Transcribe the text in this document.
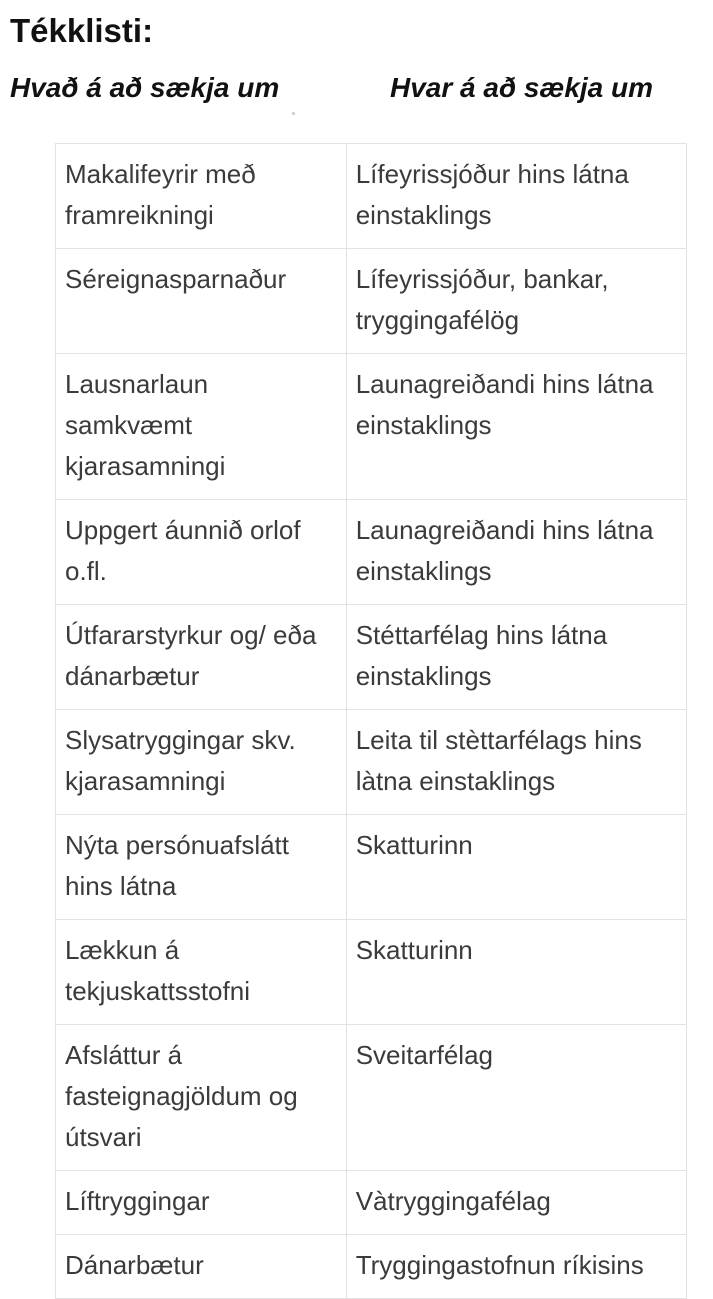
Tékklisti:
Hvað á að sækja um	Hvar á að sækja um
Makalifeyrir með framreikningi	Lífeyrissjóður hins látna einstaklings
Séreignasparnaður	Lífeyrissjóður, bankar, tryggingafélög
Lausnarlaun samkvæmt kjarasamningi	Launagreiðandi hins látna einstaklings
Uppgert áunnið orlof o.fl.	Launagreiðandi hins látna einstaklings
Útfararstyrkur og/ eða dánarbætur	Stéttarfélag hins látna einstaklings
Slysatryggingar skv. kjarasamningi	Leita til stèttarfélags hins làtna einstaklings
Nýta persónuafslátt hins látna	Skatturinn
Lækkun á tekjuskattsstofni	Skatturinn
Afsláttur á fasteignagjöldum og útsvari	Sveitarfélag
Líftryggingar	Vàtryggingafélag
Dánarbætur	Tryggingastofnun ríkisins
